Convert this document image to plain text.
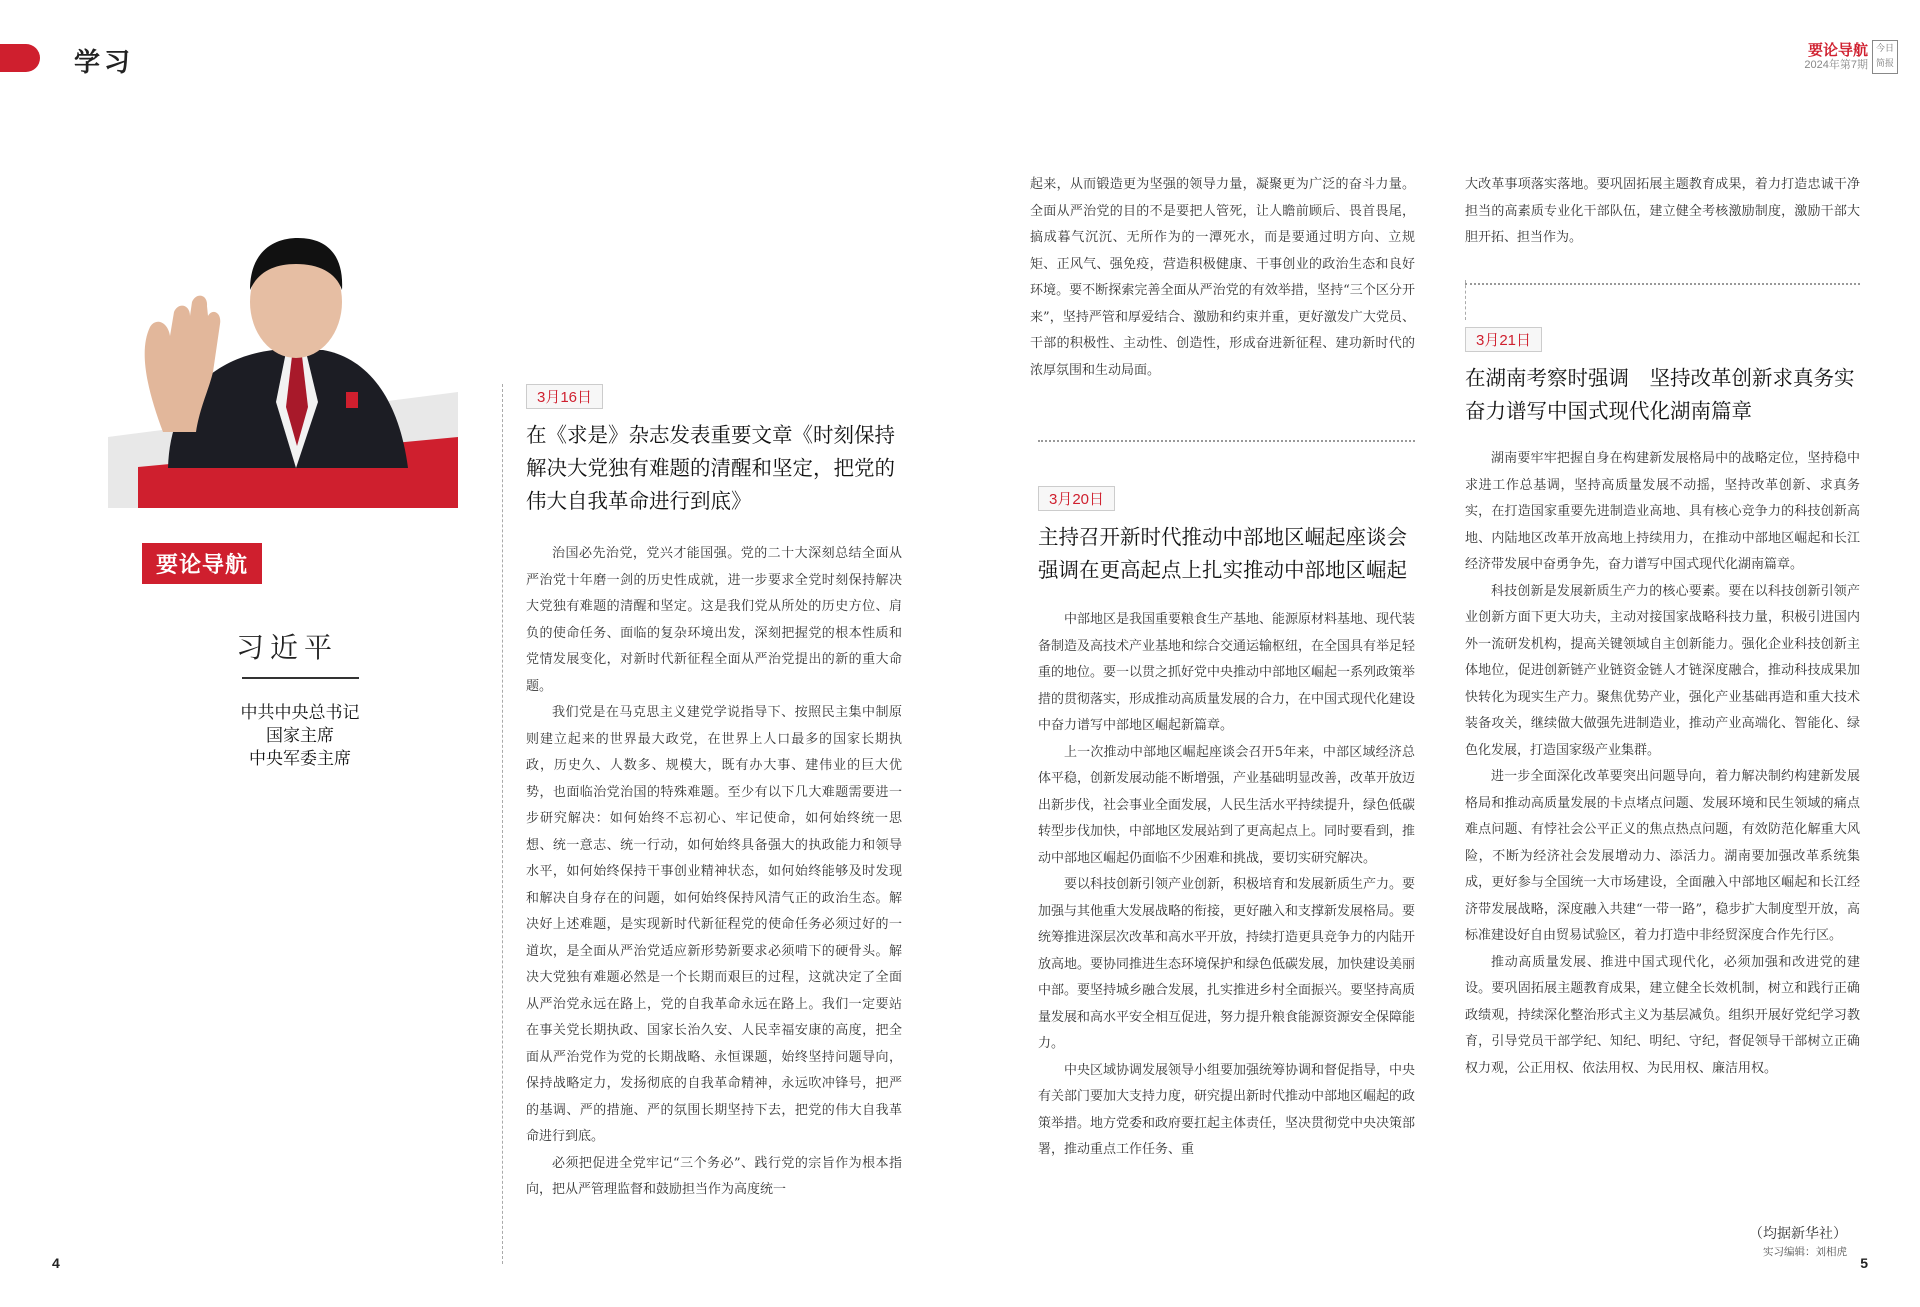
学习	要论导航
2024年第7期
今日 简报
要论导航
习近平
中共中央总书记
国家主席
中央军委主席
3月16日
在《求是》杂志发表重要文章《时刻保持解决大党独有难题的清醒和坚定，把党的伟大自我革命进行到底》
治国必先治党，党兴才能国强。党的二十大深刻总结全面从严治党十年磨一剑的历史性成就，进一步要求全党时刻保持解决大党独有难题的清醒和坚定。这是我们党从所处的历史方位、肩负的使命任务、面临的复杂环境出发，深刻把握党的根本性质和党情发展变化，对新时代新征程全面从严治党提出的新的重大命题。
我们党是在马克思主义建党学说指导下、按照民主集中制原则建立起来的世界最大政党，在世界上人口最多的国家长期执政，历史久、人数多、规模大，既有办大事、建伟业的巨大优势，也面临治党治国的特殊难题。至少有以下几大难题需要进一步研究解决：如何始终不忘初心、牢记使命，如何始终统一思想、统一意志、统一行动，如何始终具备强大的执政能力和领导水平，如何始终保持干事创业精神状态，如何始终能够及时发现和解决自身存在的问题，如何始终保持风清气正的政治生态。解决好上述难题，是实现新时代新征程党的使命任务必须过好的一道坎，是全面从严治党适应新形势新要求必须啃下的硬骨头。解决大党独有难题必然是一个长期而艰巨的过程，这就决定了全面从严治党永远在路上，党的自我革命永远在路上。我们一定要站在事关党长期执政、国家长治久安、人民幸福安康的高度，把全面从严治党作为党的长期战略、永恒课题，始终坚持问题导向，保持战略定力，发扬彻底的自我革命精神，永远吹冲锋号，把严的基调、严的措施、严的氛围长期坚持下去，把党的伟大自我革命进行到底。
必须把促进全党牢记“三个务必”、践行党的宗旨作为根本指向，把从严管理监督和鼓励担当作为高度统一
起来，从而锻造更为坚强的领导力量，凝聚更为广泛的奋斗力量。全面从严治党的目的不是要把人管死，让人瞻前顾后、畏首畏尾，搞成暮气沉沉、无所作为的一潭死水，而是要通过明方向、立规矩、正风气、强免疫，营造积极健康、干事创业的政治生态和良好环境。要不断探索完善全面从严治党的有效举措，坚持“三个区分开来”，坚持严管和厚爱结合、激励和约束并重，更好激发广大党员、干部的积极性、主动性、创造性，形成奋进新征程、建功新时代的浓厚氛围和生动局面。
3月20日
主持召开新时代推动中部地区崛起座谈会强调在更高起点上扎实推动中部地区崛起
中部地区是我国重要粮食生产基地、能源原材料基地、现代装备制造及高技术产业基地和综合交通运输枢纽，在全国具有举足轻重的地位。要一以贯之抓好党中央推动中部地区崛起一系列政策举措的贯彻落实，形成推动高质量发展的合力，在中国式现代化建设中奋力谱写中部地区崛起新篇章。
上一次推动中部地区崛起座谈会召开5年来，中部区域经济总体平稳，创新发展动能不断增强，产业基础明显改善，改革开放迈出新步伐，社会事业全面发展，人民生活水平持续提升，绿色低碳转型步伐加快，中部地区发展站到了更高起点上。同时要看到，推动中部地区崛起仍面临不少困难和挑战，要切实研究解决。
要以科技创新引领产业创新，积极培育和发展新质生产力。要加强与其他重大发展战略的衔接，更好融入和支撑新发展格局。要统筹推进深层次改革和高水平开放，持续打造更具竞争力的内陆开放高地。要协同推进生态环境保护和绿色低碳发展，加快建设美丽中部。要坚持城乡融合发展，扎实推进乡村全面振兴。要坚持高质量发展和高水平安全相互促进，努力提升粮食能源资源安全保障能力。
中央区域协调发展领导小组要加强统筹协调和督促指导，中央有关部门要加大支持力度，研究提出新时代推动中部地区崛起的政策举措。地方党委和政府要扛起主体责任，坚决贯彻党中央决策部署，推动重点工作任务、重
大改革事项落实落地。要巩固拓展主题教育成果，着力打造忠诚干净担当的高素质专业化干部队伍，建立健全考核激励制度，激励干部大胆开拓、担当作为。
3月21日
在湖南考察时强调　坚持改革创新求真务实奋力谱写中国式现代化湖南篇章
湖南要牢牢把握自身在构建新发展格局中的战略定位，坚持稳中求进工作总基调，坚持高质量发展不动摇，坚持改革创新、求真务实，在打造国家重要先进制造业高地、具有核心竞争力的科技创新高地、内陆地区改革开放高地上持续用力，在推动中部地区崛起和长江经济带发展中奋勇争先，奋力谱写中国式现代化湖南篇章。
科技创新是发展新质生产力的核心要素。要在以科技创新引领产业创新方面下更大功夫，主动对接国家战略科技力量，积极引进国内外一流研发机构，提高关键领域自主创新能力。强化企业科技创新主体地位，促进创新链产业链资金链人才链深度融合，推动科技成果加快转化为现实生产力。聚焦优势产业，强化产业基础再造和重大技术装备攻关，继续做大做强先进制造业，推动产业高端化、智能化、绿色化发展，打造国家级产业集群。
进一步全面深化改革要突出问题导向，着力解决制约构建新发展格局和推动高质量发展的卡点堵点问题、发展环境和民生领域的痛点难点问题、有悖社会公平正义的焦点热点问题，有效防范化解重大风险，不断为经济社会发展增动力、添活力。湖南要加强改革系统集成，更好参与全国统一大市场建设，全面融入中部地区崛起和长江经济带发展战略，深度融入共建“一带一路”，稳步扩大制度型开放，高标准建设好自由贸易试验区，着力打造中非经贸深度合作先行区。
推动高质量发展、推进中国式现代化，必须加强和改进党的建设。要巩固拓展主题教育成果，建立健全长效机制，树立和践行正确政绩观，持续深化整治形式主义为基层减负。组织开展好党纪学习教育，引导党员干部学纪、知纪、明纪、守纪，督促领导干部树立正确权力观，公正用权、依法用权、为民用权、廉洁用权。
（均据新华社）
实习编辑：刘相虎
4	5
